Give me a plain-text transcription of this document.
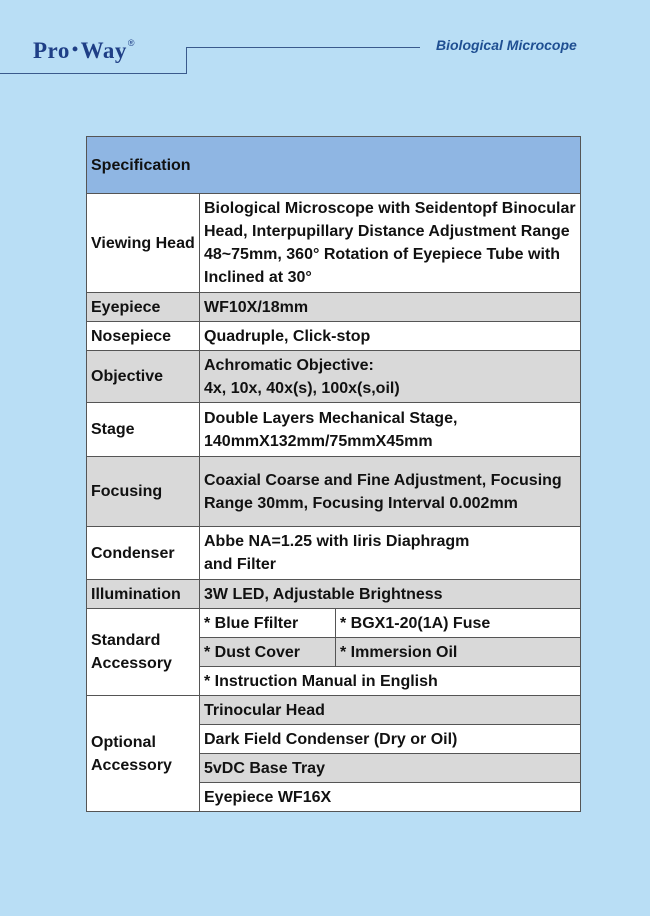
Pro •Way®	Biological Microcope
Specification		
Viewing Head	Biological Microscope with Seidentopf Binocular Head, Interpupillary Distance Adjustment Range 48~75mm, 360° Rotation of Eyepiece Tube with Inclined at 30°	
Eyepiece	WF10X/18mm	
Nosepiece	Quadruple, Click-stop	
Objective	Achromatic Objective:
4x, 10x, 40x(s), 100x(s,oil)	

Stage	Double Layers Mechanical Stage,
140mmX132mm/75mmX45mm	

Focusing	Coaxial Coarse and Fine Adjustment, Focusing Range 30mm, Focusing Interval 0.002mm	
Condenser	Abbe NA=1.25 with Iiris Diaphragm
and Filter	

Illumination	3W LED, Adjustable Brightness	
Standard Accessory	* Blue Ffilter	* BGX1-20(1A) Fuse
	* Dust Cover	* Immersion Oil
	* Instruction Manual in English	
Optional Accessory	Trinocular Head	
	Dark Field Condenser (Dry or Oil)	
	5vDC Base Tray	
	Eyepiece WF16X	
